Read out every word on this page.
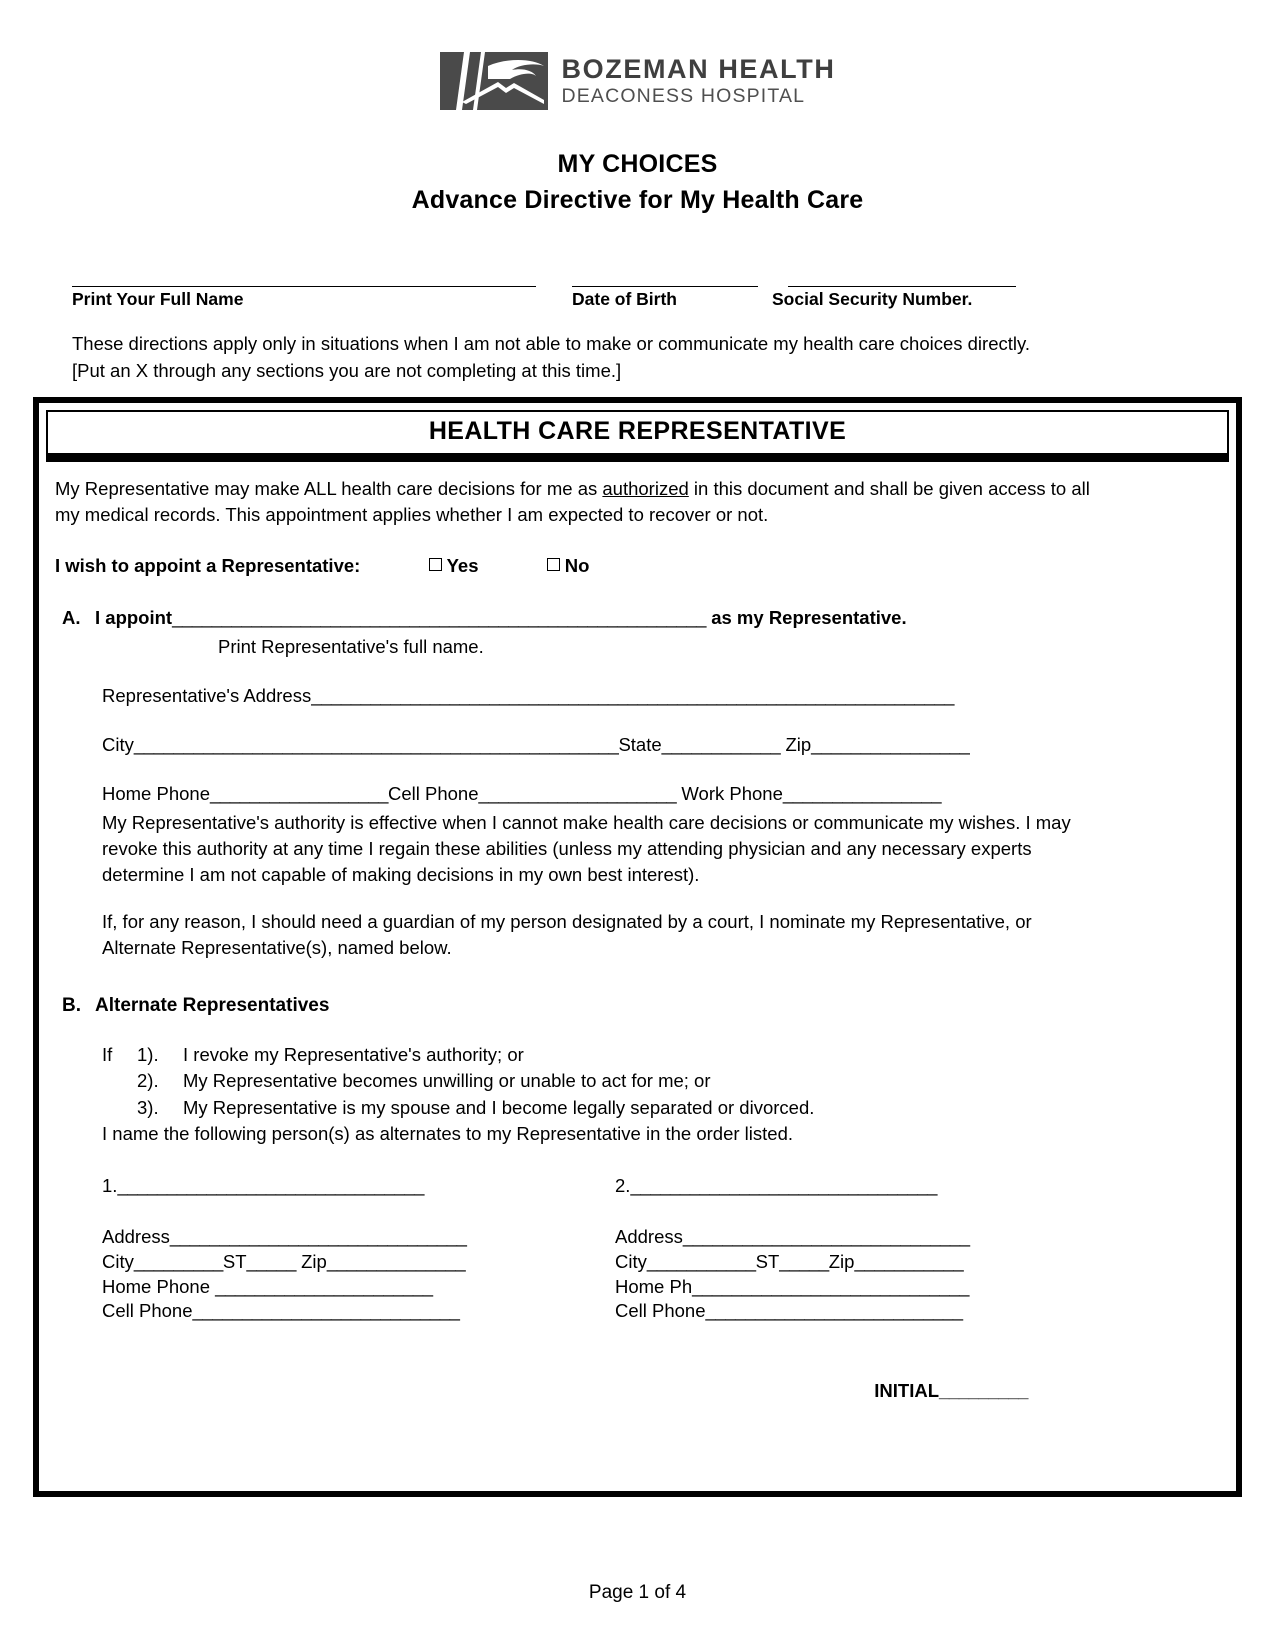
BOZEMAN HEALTH
DEACONESS HOSPITAL
MY CHOICES
Advance Directive for My Health Care
Print Your Full Name	Date of Birth	Social Security Number.
These directions apply only in situations when I am not able to make or communicate my health care choices directly.
[Put an X through any sections you are not completing at this time.]
HEALTH CARE REPRESENTATIVE

My Representative may make ALL health care decisions for me as authorized in this document and shall be given access to all
my medical records. This appointment applies whether I am expected to recover or not.

I wish to appoint a Representative:	Yes	No
A. I appoint______________________________________________________ as my Representative.
Print Representative's full name.
Representative's Address_________________________________________________________________
City_________________________________________________State____________ Zip________________
Home Phone__________________Cell Phone____________________ Work Phone________________
My Representative's authority is effective when I cannot make health care decisions or communicate my wishes. I may
revoke this authority at any time I regain these abilities (unless my attending physician and any necessary experts
determine I am not capable of making decisions in my own best interest).
If, for any reason, I should need a guardian of my person designated by a court, I nominate my Representative, or
Alternate Representative(s), named below.
B. Alternate Representatives
If	1).	I revoke my Representative's authority; or
2).	My Representative becomes unwilling or unable to act for me; or
3).	My Representative is my spouse and I become legally separated or divorced.
I name the following person(s) as alternates to my Representative in the order listed.
1._______________________________
Address______________________________
City_________ST_____ Zip______________
Home Phone ______________________
Cell Phone___________________________
2._______________________________
Address_____________________________
City___________ST_____Zip___________
Home Ph____________________________
Cell Phone__________________________
INITIAL_________
Page 1 of 4
